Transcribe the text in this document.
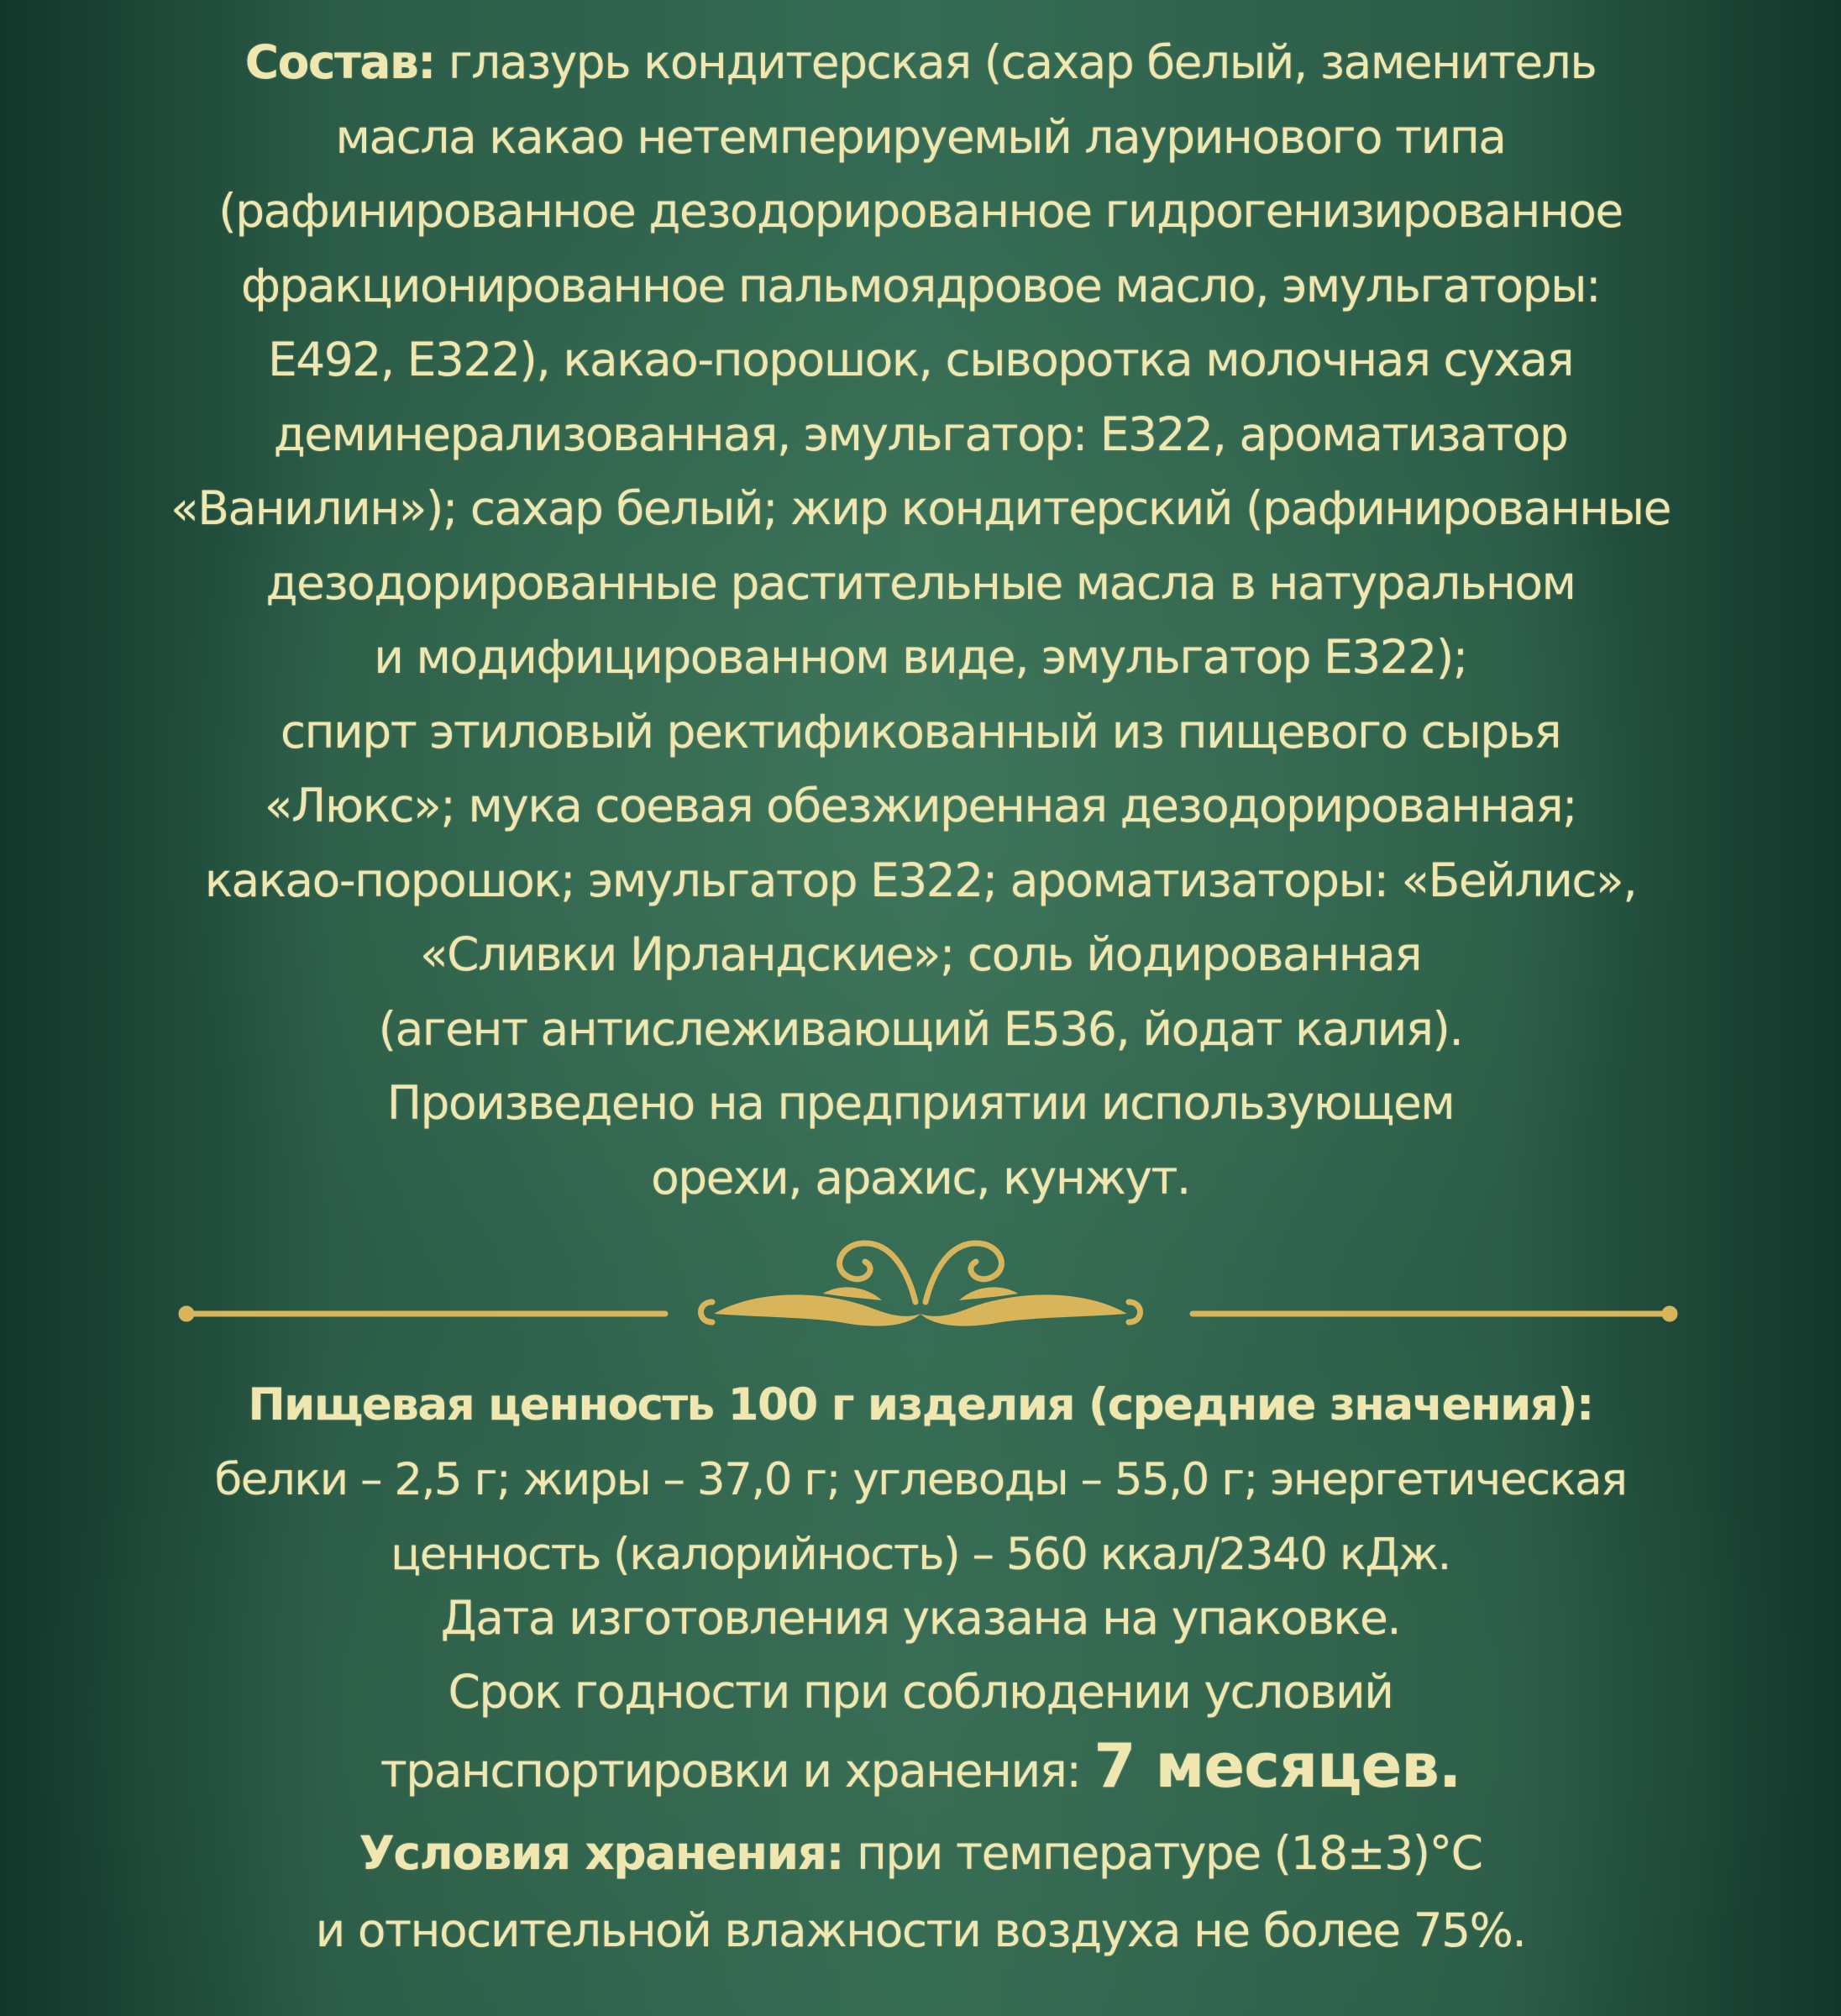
Состав: глазурь кондитерская (сахар белый, заменитель
масла какао нетемперируемый лауринового типа
(рафинированное дезодорированное гидрогенизированное
фракционированное пальмоядровое масло, эмульгаторы:
Е492, Е322), какао-порошок, сыворотка молочная сухая
деминерализованная, эмульгатор: Е322, ароматизатор
«Ванилин»); сахар белый; жир кондитерский (рафинированные
дезодорированные растительные масла в натуральном
и модифицированном виде, эмульгатор Е322);
спирт этиловый ректификованный из пищевого сырья
«Люкс»; мука соевая обезжиренная дезодорированная;
какао-порошок; эмульгатор Е322; ароматизаторы: «Бейлис»,
«Сливки Ирландские»; соль йодированная
(агент антислеживающий Е536, йодат калия).
Произведено на предприятии использующем
орехи, арахис, кунжут.
Пищевая ценность 100 г изделия (средние значения):
белки – 2,5 г; жиры – 37,0 г; углеводы – 55,0 г; энергетическая
ценность (калорийность) – 560 ккал/2340 кДж.
Дата изготовления указана на упаковке.
Срок годности при соблюдении условий
транспортировки и хранения: 7 месяцев.
Условия хранения: при температуре (18±3)°С
и относительной влажности воздуха не более 75%.
